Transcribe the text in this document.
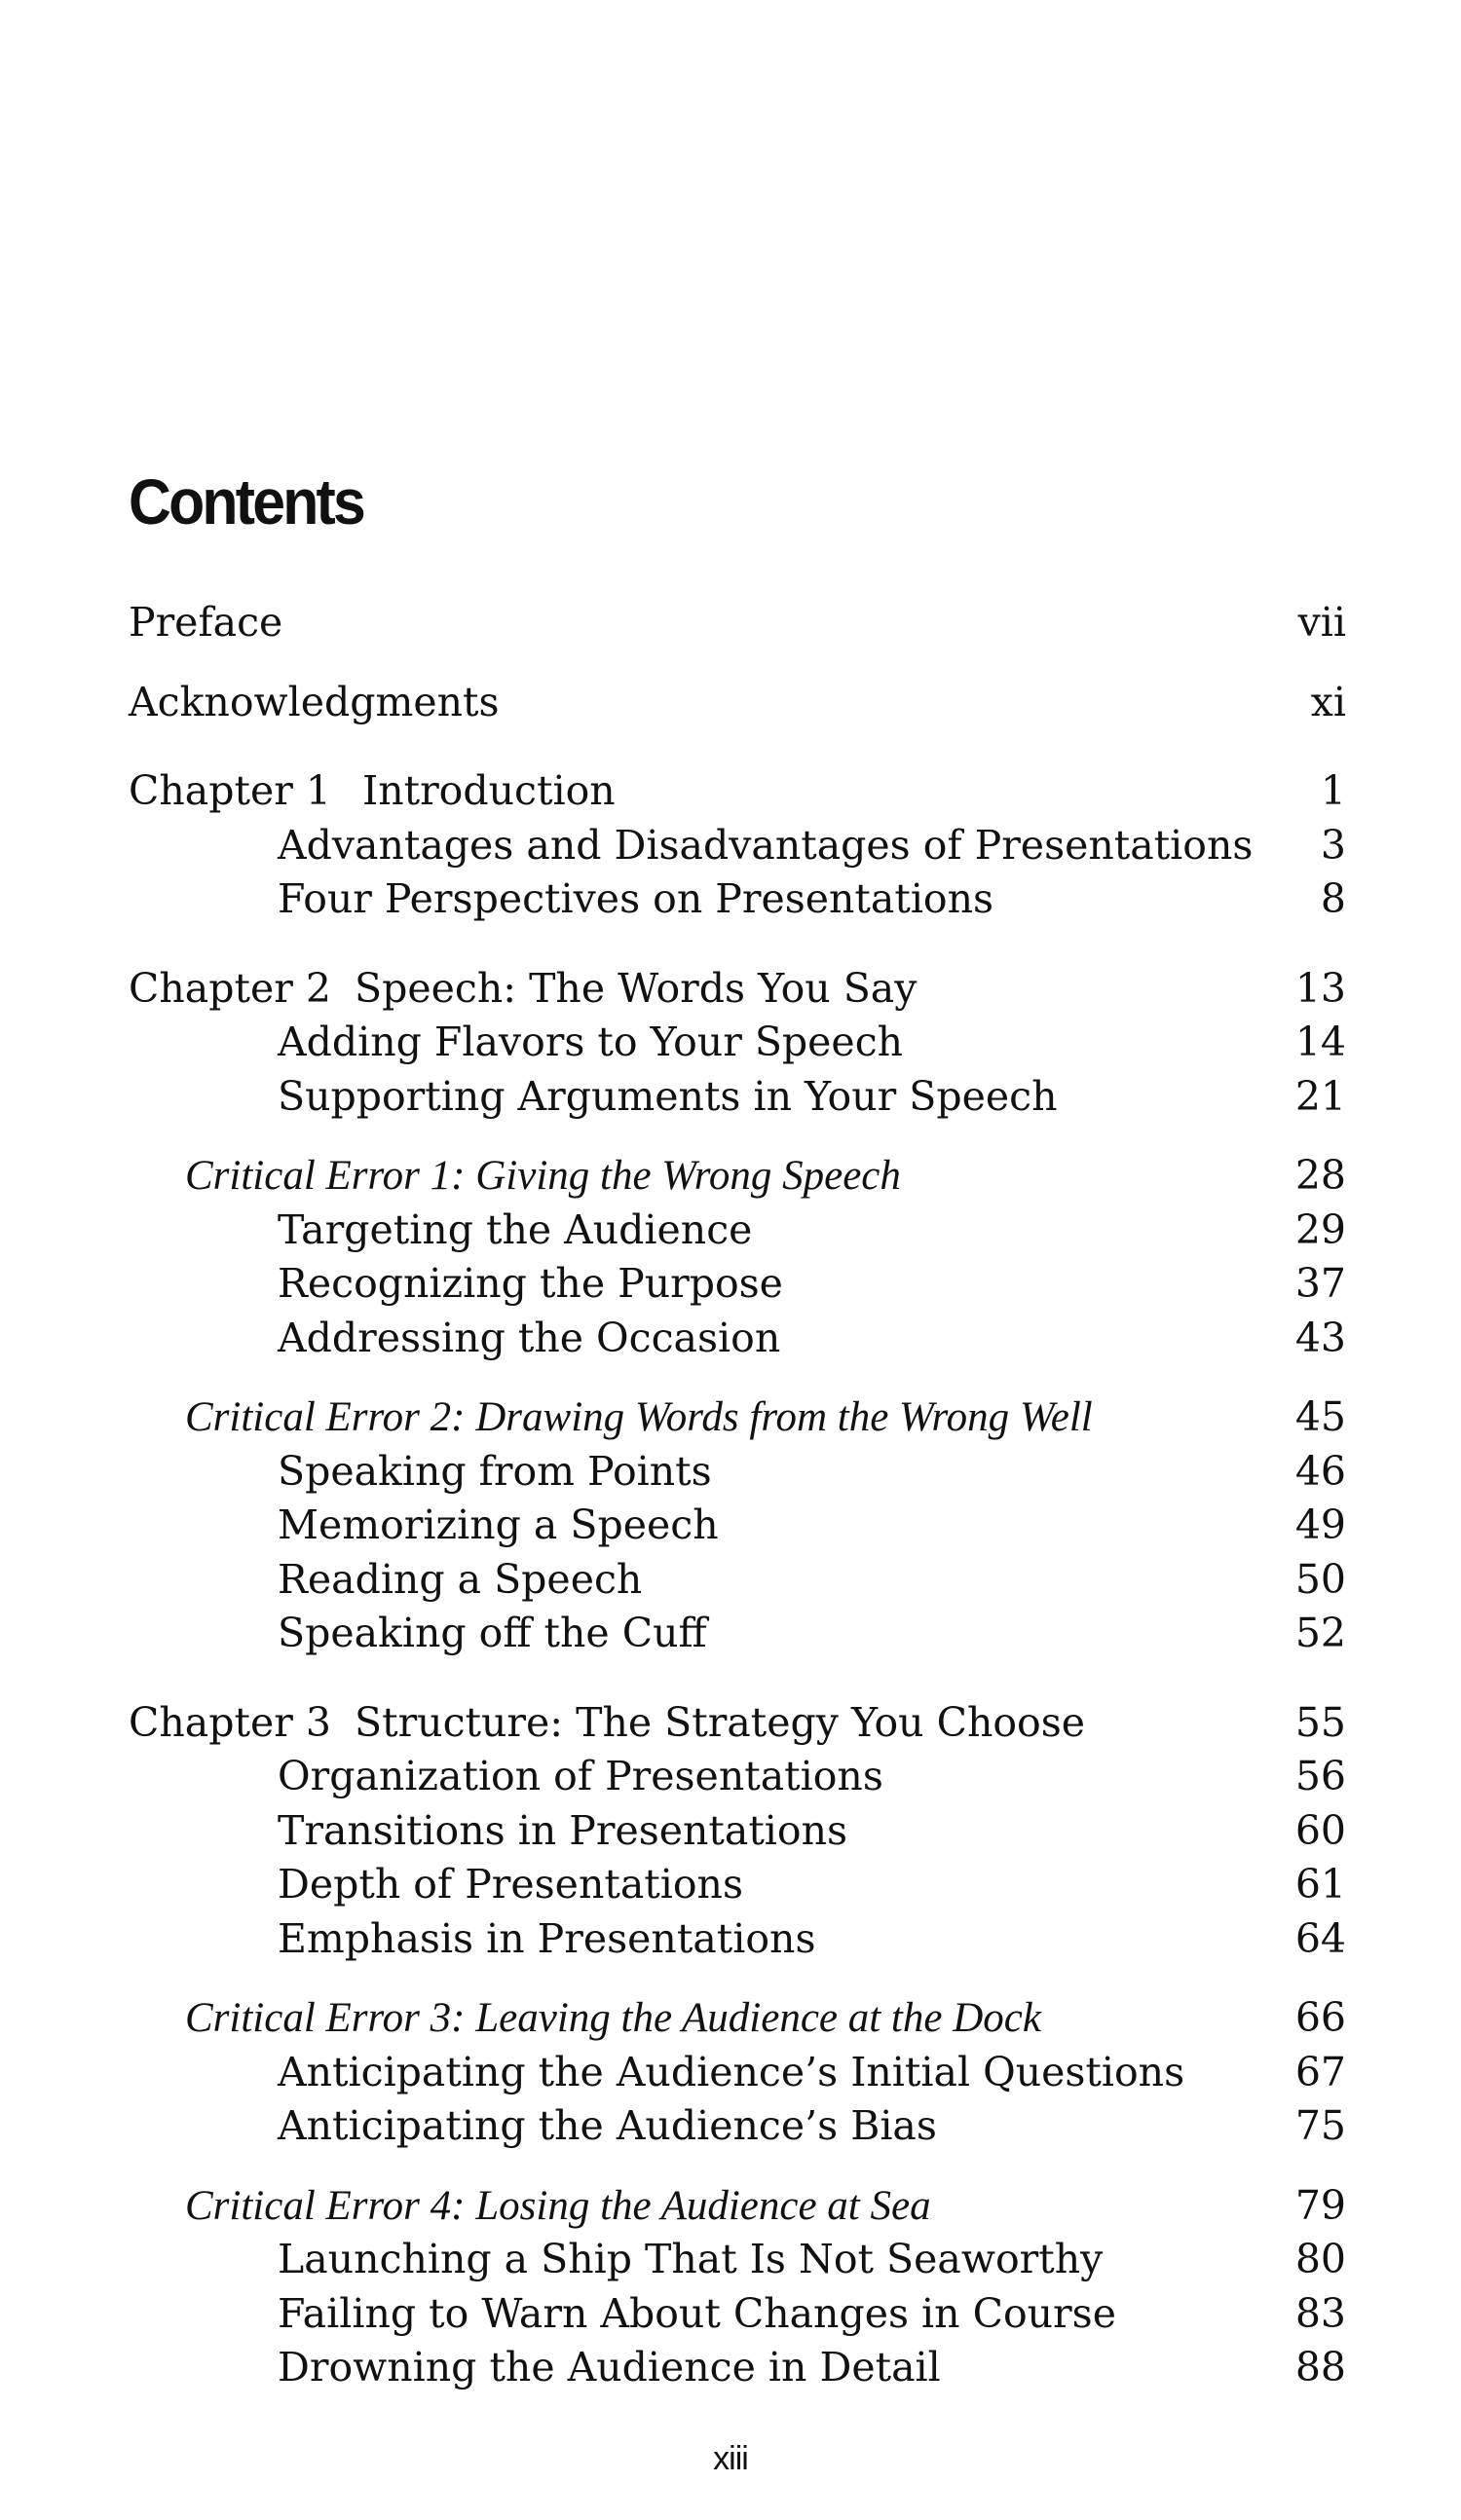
Contents
Preface	vii
Acknowledgments	xi
Chapter 1 Introduction	1
Advantages and Disadvantages of Presentations 3
Four Perspectives on Presentations	8
Chapter 2 Speech: The Words You Say	13
Adding Flavors to Your Speech	14
Supporting Arguments in Your Speech	21
Critical Error 1: Giving the Wrong Speech	28
Targeting the Audience	29
Recognizing the Purpose	37
Addressing the Occasion	43
Critical Error 2: Drawing Words from the Wrong Well	45
Speaking from Points	46
Memorizing a Speech	49
Reading a Speech	50
Speaking off the Cuff	52
Chapter 3 Structure: The Strategy You Choose	55
Organization of Presentations	56
Transitions in Presentations	60
Depth of Presentations	61
Emphasis in Presentations	64
Critical Error 3: Leaving the Audience at the Dock	66
Anticipating the Audience’s Initial Questions	67
Anticipating the Audience’s Bias	75
Critical Error 4: Losing the Audience at Sea	79
Launching a Ship That Is Not Seaworthy	80
Failing to Warn About Changes in Course	83
Drowning the Audience in Detail	88
xiii
